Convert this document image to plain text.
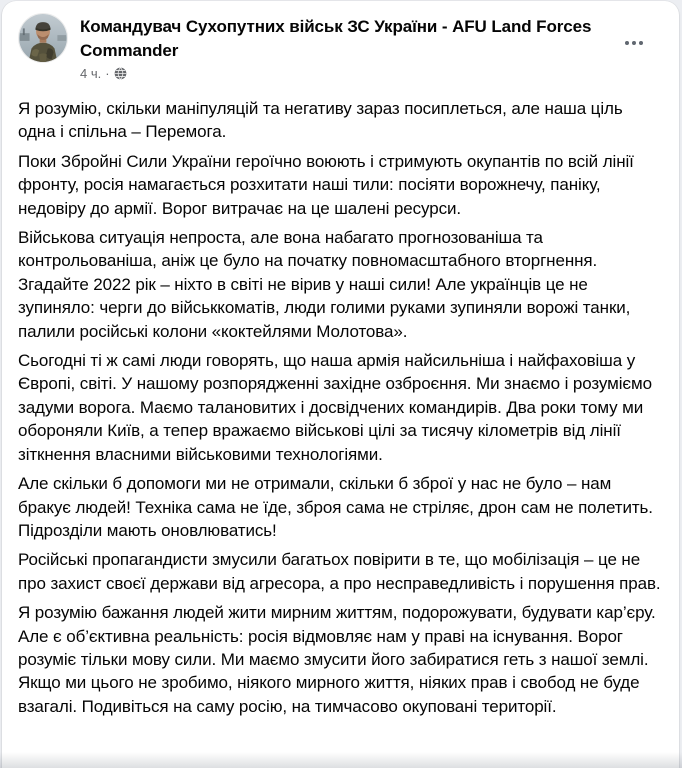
Командувач Сухопутних військ ЗС України - AFU Land Forces Commander
4 ч. ·

Я розумію, скільки маніпуляцій та негативу зараз посиплеться, але наша ціль одна і спільна – Перемога.

Поки Збройні Сили України героїчно воюють і стримують окупантів по всій лінії фронту, росія намагається розхитати наші тили: посіяти ворожнечу, паніку, недовіру до армії. Ворог витрачає на це шалені ресурси.

Військова ситуація непроста, але вона набагато прогнозованіша та контрольованіша, аніж це було на початку повномасштабного вторгнення. Згадайте 2022 рік – ніхто в світі не вірив у наші сили! Але українців це не зупиняло: черги до військкоматів, люди голими руками зупиняли ворожі танки, палили російські колони «коктейлями Молотова».

Сьогодні ті ж самі люди говорять, що наша армія найсильніша і найфаховіша у Європі, світі. У нашому розпорядженні західне озброєння. Ми знаємо і розуміємо задуми ворога. Маємо талановитих і досвідчених командирів. Два роки тому ми обороняли Київ, а тепер вражаємо військові цілі за тисячу кілометрів від лінії зіткнення власними військовими технологіями.

Але скільки б допомоги ми не отримали, скільки б зброї у нас не було – нам бракує людей! Техніка сама не їде, зброя сама не стріляє, дрон сам не полетить. Підрозділи мають оновлюватись!

Російські пропагандисти змусили багатьох повірити в те, що мобілізація – це не про захист своєї держави від агресора, а про несправедливість і порушення прав.

Я розумію бажання людей жити мирним життям, подорожувати, будувати кар’єру. Але є об’єктивна реальність: росія відмовляє нам у праві на існування. Ворог розуміє тільки мову сили. Ми маємо змусити його забиратися геть з нашої землі. Якщо ми цього не зробимо, ніякого мирного життя, ніяких прав і свобод не буде взагалі. Подивіться на саму росію, на тимчасово окуповані території.
